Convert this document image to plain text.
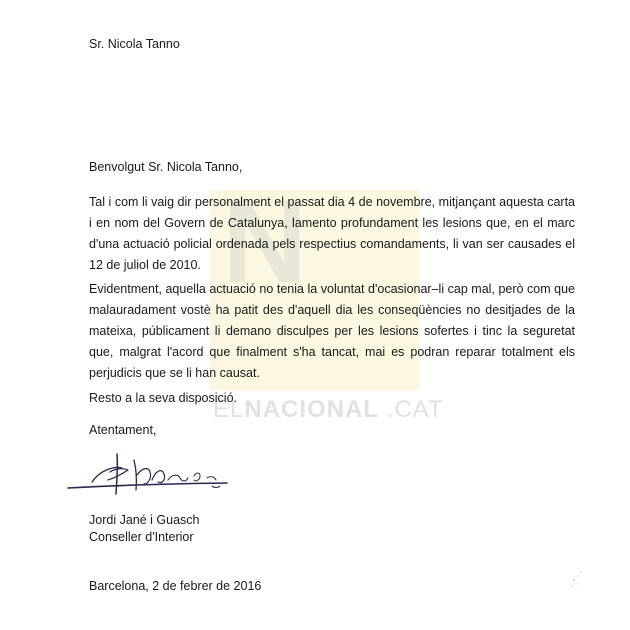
N
ELNACIONAL .CAT
Sr. Nicola Tanno
Benvolgut Sr. Nicola Tanno,

Tal i com li vaig dir personalment el passat dia 4 de novembre, mitjançant aquesta carta i en nom del Govern de Catalunya, lamento profundament les lesions que, en el marc d'una actuació policial ordenada pels respectius comandaments, li van ser causades el 12 de juliol de 2010.

Evidentment, aquella actuació no tenia la voluntat d'ocasionar–li cap mal, però com que malauradament vostè ha patit des d'aquell dia les conseqüències no desitjades de la mateixa, públicament li demano disculpes per les lesions sofertes i tinc la seguretat que, malgrat l'acord que finalment s'ha tancat, mai es podran reparar totalment els perjudicis que se li han causat.

Resto a la seva disposició.

Atentament,
Jordi Jané i Guasch
Conseller d'Interior
Barcelona, 2 de febrer de 2016
